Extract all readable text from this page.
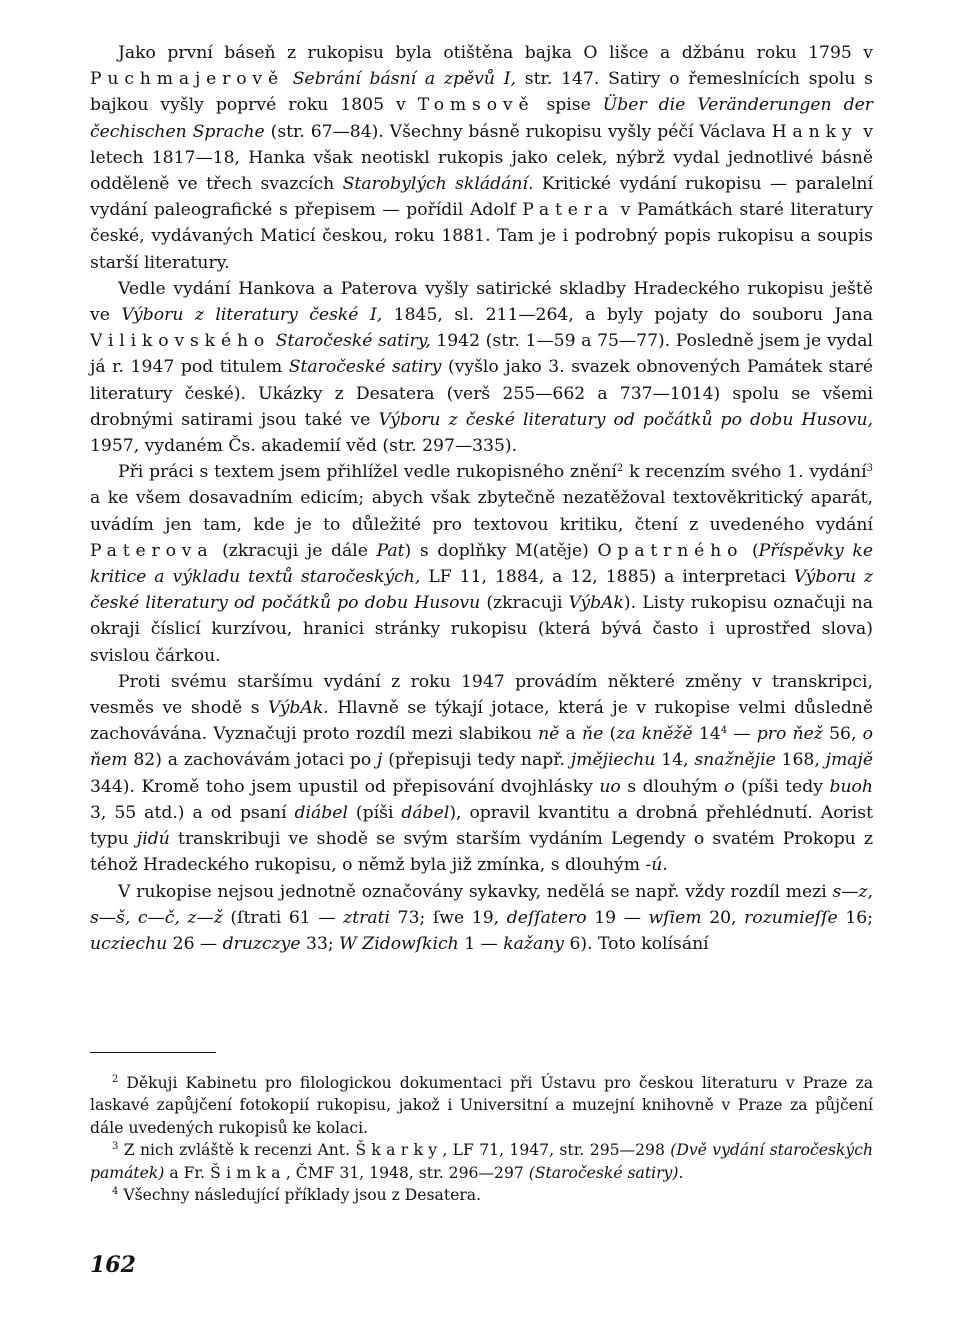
Jako první báseň z rukopisu byla otištěna bajka O lišce a džbánu roku 1795 v Puchmajerově Sebrání básní a zpěvů I, str. 147. Satiry o řemeslnících spolu s bajkou vyšly poprvé roku 1805 v Tomsově spise Über die Veränderungen der čechischen Sprache (str. 67—84). Všechny básně rukopisu vyšly péčí Václava Hanky v letech 1817—18, Hanka však neotiskl rukopis jako celek, nýbrž vydal jednotlivé básně odděleně ve třech svazcích Starobylých skládání. Kritické vydání rukopisu — paralelní vydání paleografické s přepisem — pořídil Adolf Patera v Památkách staré literatury české, vydávaných Maticí českou, roku 1881. Tam je i podrobný popis rukopisu a soupis starší literatury.

Vedle vydání Hankova a Paterova vyšly satirické skladby Hradeckého rukopisu ještě ve Výboru z literatury české I, 1845, sl. 211—264, a byly pojaty do souboru Jana Vilikovského Staročeské satiry, 1942 (str. 1—59 a 75—77). Posledně jsem je vydal já r. 1947 pod titulem Staročeské satiry (vyšlo jako 3. svazek obnovených Památek staré literatury české). Ukázky z Desatera (verš 255—662 a 737—1014) spolu se všemi drobnými satirami jsou také ve Výboru z české literatury od počátků po dobu Husovu, 1957, vydaném Čs. akademií věd (str. 297—335).

Při práci s textem jsem přihlížel vedle rukopisného znění$^2$ k recenzím svého 1. vydání$^3$ a ke všem dosavadním edicím; abych však zbytečně nezatěžoval textověkritický aparát, uvádím jen tam, kde je to důležité pro textovou kritiku, čtení z uvedeného vydání Paterova (zkracuji je dále Pat) s doplňky M(atěje) Opatrného (Příspěvky ke kritice a výkladu textů staročeských, LF 11, 1884, a 12, 1885) a interpretaci Výboru z české literatury od počátků po dobu Husovu (zkracuji VýbAk). Listy rukopisu označuji na okraji číslicí kurzívou, hranici stránky rukopisu (která bývá často i uprostřed slova) svislou čárkou.

Proti svému staršímu vydání z roku 1947 provádím některé změny v transkripci, vesměs ve shodě s VýbAk. Hlavně se týkají jotace, která je v rukopise velmi důsledně zachovávána. Vyznačuji proto rozdíl mezi slabikou ně a ňe (za kněžě $14^4$ — pro ňež 56, o ňem 82) a zachovávám jotaci po j (přepisuji tedy např. jmějiechu 14, snažnějie 168, jmajě 344). Kromě toho jsem upustil od přepisování dvojhlásky uo s dlouhým o (píši tedy buoh 3, 55 atd.) a od psaní diábel (píši dábel), opravil kvantitu a drobná přehlédnutí. Aorist typu jidú transkribuji ve shodě se svým starším vydáním Legendy o svatém Prokopu z téhož Hradeckého rukopisu, o němž byla již zmínka, s dlouhým -ú.

V rukopise nejsou jednotně označovány sykavky, nedělá se např. vždy rozdíl mezi s—z, s—š, c—č, z—ž (ſtrati 61 — ztrati 73; ſwe 19, deſſatero 19 — wſiem 20, rozumieſſe 16; ucziechu 26 — druzczye 33; W Zidowſkich 1 — kažany 6). Toto kolísání

$^2$ Děkuji Kabinetu pro filologickou dokumentaci při Ústavu pro českou literaturu v Praze za laskavé zapůjčení fotokopií rukopisu, jakož i Universitní a muzejní knihovně v Praze za půjčení dále uvedených rukopisů ke kolaci.

$^3$ Z nich zvláště k recenzi Ant. Škarky, LF 71, 1947, str. 295—298 (Dvě vydání staročeských památek) a Fr. Šimka, ČMF 31, 1948, str. 296—297 (Staročeské satiry).

$^4$ Všechny následující příklady jsou z Desatera.

162
